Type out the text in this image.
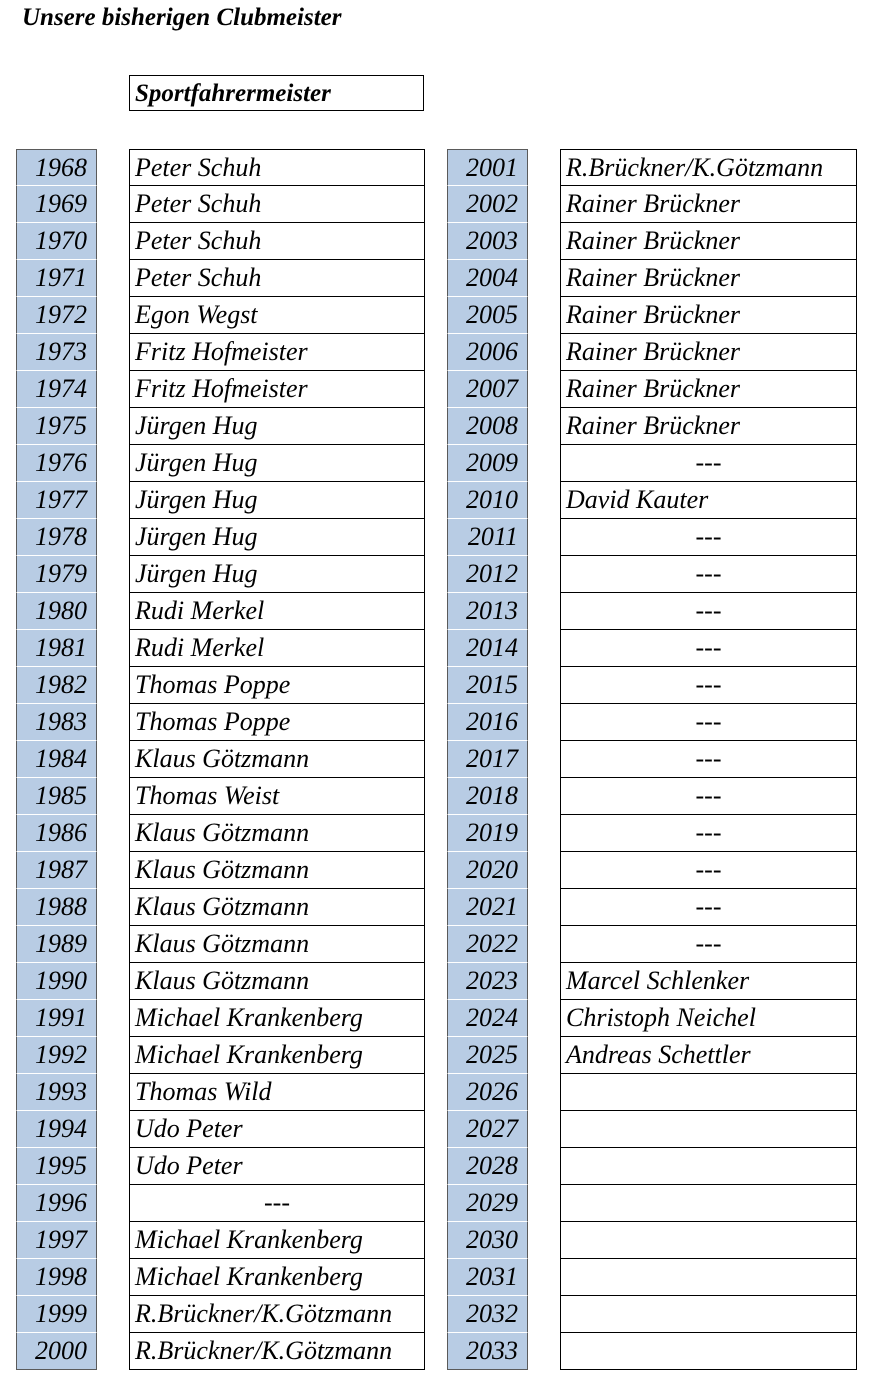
Unsere bisherigen Clubmeister
Sportfahrermeister
1968
1969
1970
1971
1972
1973
1974
1975
1976
1977
1978
1979
1980
1981
1982
1983
1984
1985
1986
1987
1988
1989
1990
1991
1992
1993
1994
1995
1996
1997
1998
1999
2000
Peter Schuh
Peter Schuh
Peter Schuh
Peter Schuh
Egon Wegst
Fritz Hofmeister
Fritz Hofmeister
Jürgen Hug
Jürgen Hug
Jürgen Hug
Jürgen Hug
Jürgen Hug
Rudi Merkel
Rudi Merkel
Thomas Poppe
Thomas Poppe
Klaus Götzmann
Thomas Weist
Klaus Götzmann
Klaus Götzmann
Klaus Götzmann
Klaus Götzmann
Klaus Götzmann
Michael Krankenberg
Michael Krankenberg
Thomas Wild
Udo Peter
Udo Peter
---
Michael Krankenberg
Michael Krankenberg
R.Brückner/K.Götzmann
R.Brückner/K.Götzmann
2001
2002
2003
2004
2005
2006
2007
2008
2009
2010
2011
2012
2013
2014
2015
2016
2017
2018
2019
2020
2021
2022
2023
2024
2025
2026
2027
2028
2029
2030
2031
2032
2033
R.Brückner/K.Götzmann
Rainer Brückner
Rainer Brückner
Rainer Brückner
Rainer Brückner
Rainer Brückner
Rainer Brückner
Rainer Brückner
---
David Kauter
---
---
---
---
---
---
---
---
---
---
---
---
Marcel Schlenker
Christoph Neichel
Andreas Schettler
